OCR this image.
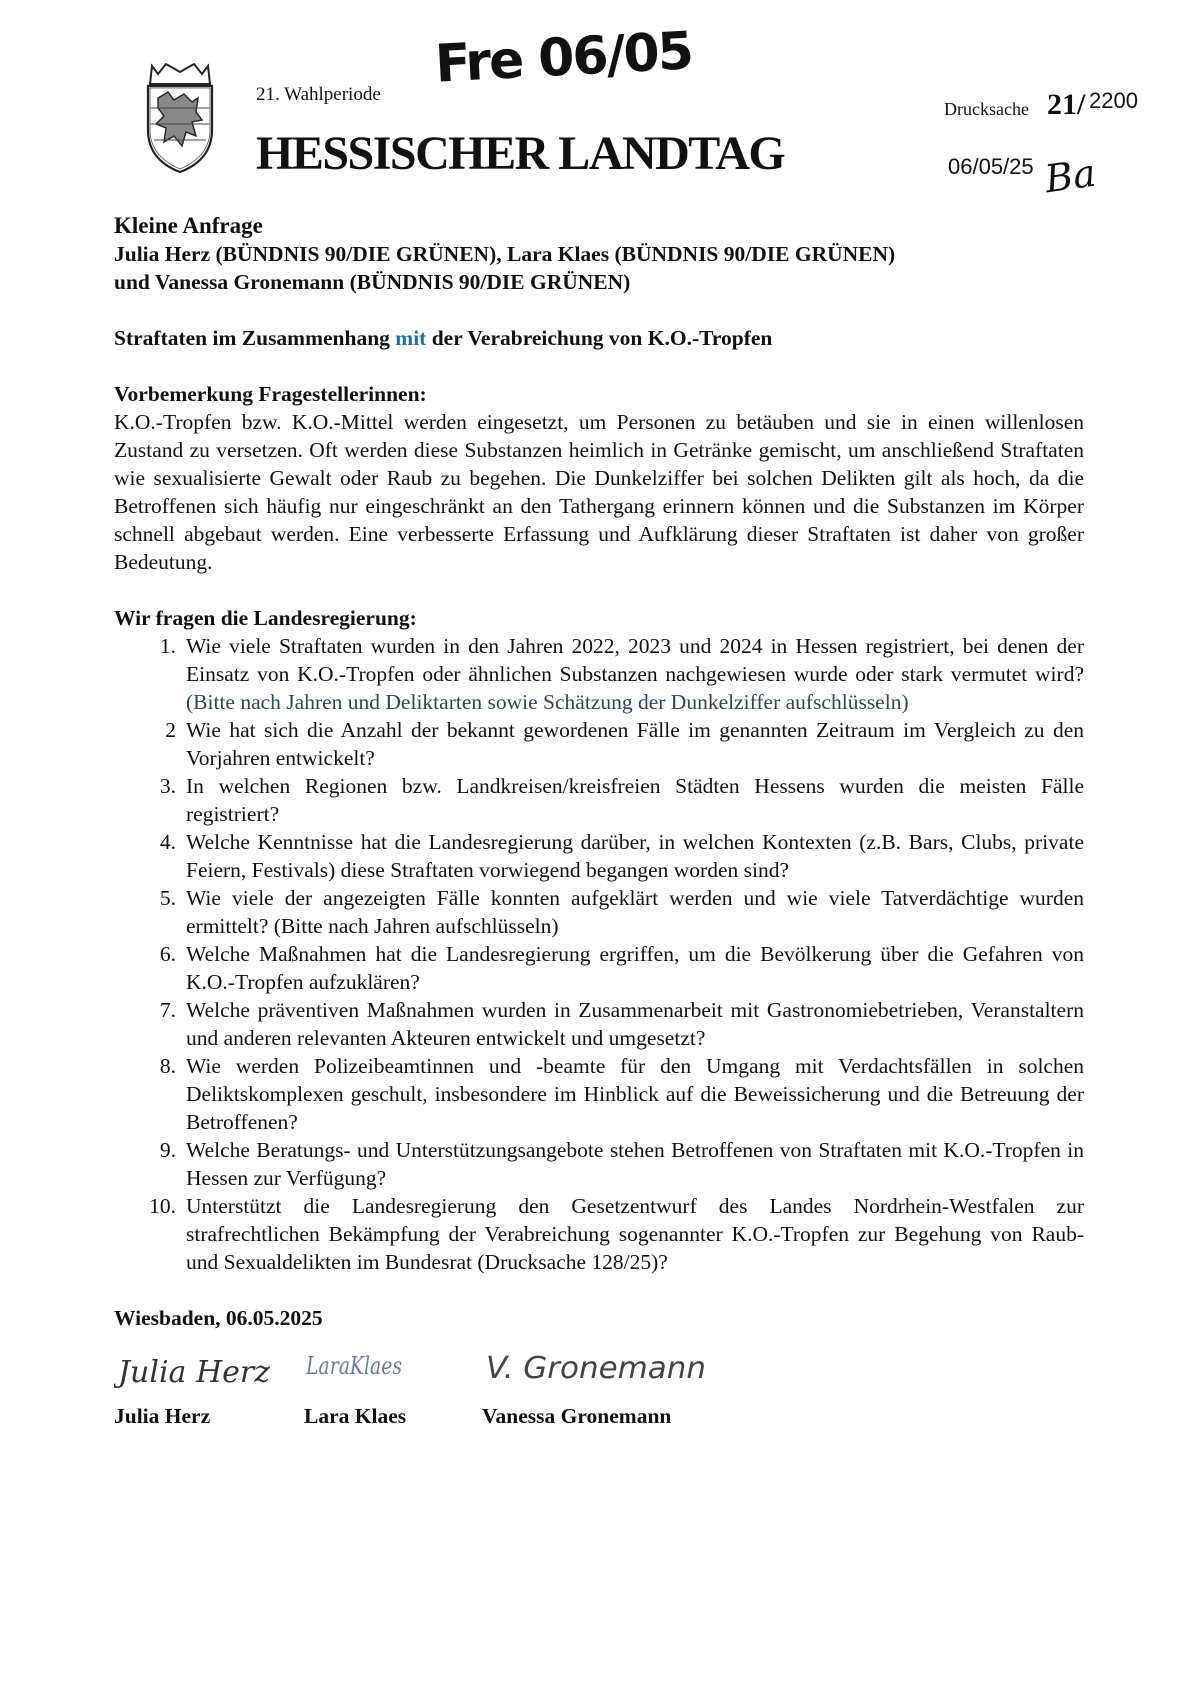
21. Wahlperiode
HESSISCHER LANDTAG
Fre 06/05
Drucksache 21/ 2200
06/05/25 Ba
Kleine Anfrage
Julia Herz (BÜNDNIS 90/DIE GRÜNEN), Lara Klaes (BÜNDNIS 90/DIE GRÜNEN)
und Vanessa Gronemann (BÜNDNIS 90/DIE GRÜNEN)
Straftaten im Zusammenhang mit der Verabreichung von K.O.-Tropfen
Vorbemerkung Fragestellerinnen:

K.O.-Tropfen bzw. K.O.-Mittel werden eingesetzt, um Personen zu betäuben und sie in einen willenlosen Zustand zu versetzen. Oft werden diese Substanzen heimlich in Getränke gemischt, um anschließend Straftaten wie sexualisierte Gewalt oder Raub zu begehen. Die Dunkelziffer bei solchen Delikten gilt als hoch, da die Betroffenen sich häufig nur eingeschränkt an den Tathergang erinnern können und die Substanzen im Körper schnell abgebaut werden. Eine verbesserte Erfassung und Aufklärung dieser Straftaten ist daher von großer Bedeutung.

Wir fragen die Landesregierung:
1. Wie viele Straftaten wurden in den Jahren 2022, 2023 und 2024 in Hessen registriert, bei denen der Einsatz von K.O.-Tropfen oder ähnlichen Substanzen nachgewiesen wurde oder stark vermutet wird? (Bitte nach Jahren und Deliktarten sowie Schätzung der Dunkelziffer aufschlüsseln)
2 Wie hat sich die Anzahl der bekannt gewordenen Fälle im genannten Zeitraum im Vergleich zu den Vorjahren entwickelt?
3. In welchen Regionen bzw. Landkreisen/kreisfreien Städten Hessens wurden die meisten Fälle registriert?
4. Welche Kenntnisse hat die Landesregierung darüber, in welchen Kontexten (z.B. Bars, Clubs, private Feiern, Festivals) diese Straftaten vorwiegend begangen worden sind?
5. Wie viele der angezeigten Fälle konnten aufgeklärt werden und wie viele Tatverdächtige wurden ermittelt? (Bitte nach Jahren aufschlüsseln)
6. Welche Maßnahmen hat die Landesregierung ergriffen, um die Bevölkerung über die Gefahren von K.O.-Tropfen aufzuklären?
7. Welche präventiven Maßnahmen wurden in Zusammenarbeit mit Gastronomiebetrieben, Veranstaltern und anderen relevanten Akteuren entwickelt und umgesetzt?
8. Wie werden Polizeibeamtinnen und -beamte für den Umgang mit Verdachtsfällen in solchen Deliktskomplexen geschult, insbesondere im Hinblick auf die Beweissicherung und die Betreuung der Betroffenen?
9. Welche Beratungs- und Unterstützungsangebote stehen Betroffenen von Straftaten mit K.O.-Tropfen in Hessen zur Verfügung?
10. Unterstützt die Landesregierung den Gesetzentwurf des Landes Nordrhein-Westfalen zur strafrechtlichen Bekämpfung der Verabreichung sogenannter K.O.-Tropfen zur Begehung von Raub- und Sexualdelikten im Bundesrat (Drucksache 128/25)?
Wiesbaden, 06.05.2025
Julia Herz LaraKlaes	V. Gronemann
Julia Herz	Lara Klaes	Vanessa Gronemann
